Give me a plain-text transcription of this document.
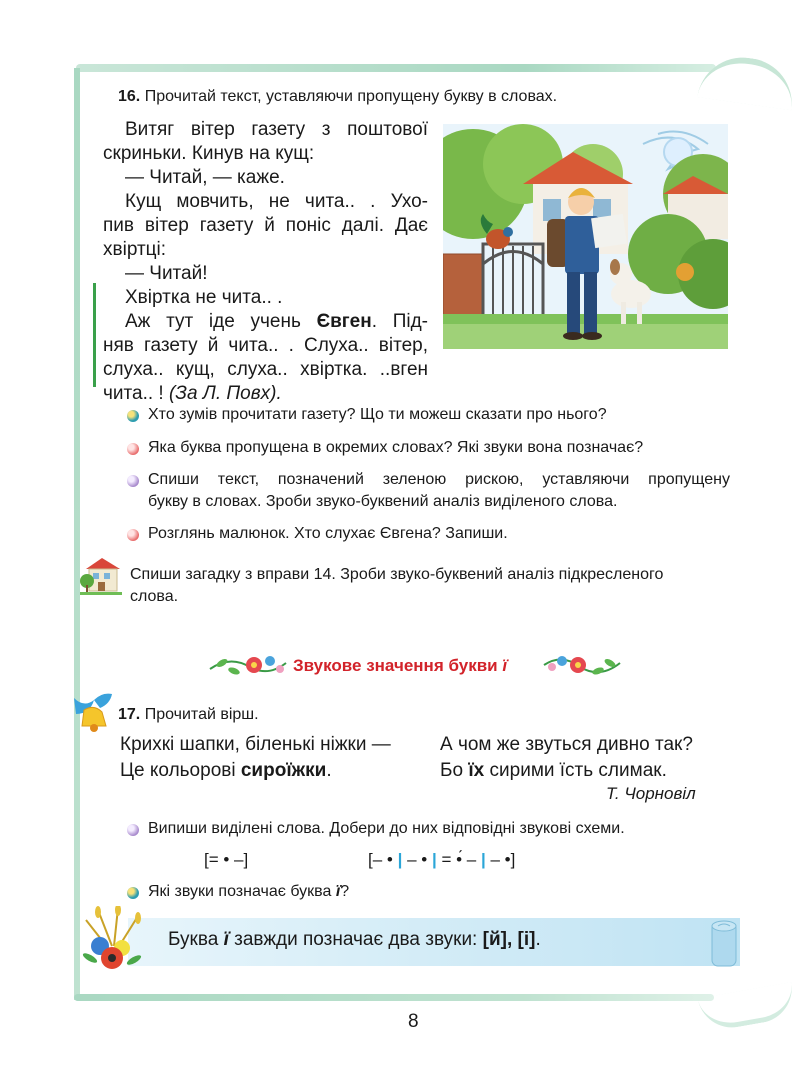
16. Прочитай текст, уставляючи пропущену букву в словах.

Витяг вітер газету з поштової

скриньки. Кинув на кущ:

— Читай, — каже.

Кущ мовчить, не чита.. . Ухо-

пив вітер газету й поніс далі. Дає

хвіртці:

— Читай!

Хвіртка не чита.. .

Аж тут іде учень Євген. Під-

няв газету й чита.. . Слуха.. вітер,

слуха.. кущ, слуха.. хвіртка. ..вген

чита.. ! (За Л. Повх).

Хто зумів прочитати газету? Що ти можеш сказати про нього?
Яка буква пропущена в окремих словах? Які звуки вона позначає?
Спиши текст, позначений зеленою рискою, уставляючи пропущену
букву в словах. Зроби звуко-буквений аналіз виділеного слова.
Розглянь малюнок. Хто слухає Євгена? Запиши.
Спиши загадку з вправи 14. Зроби звуко-буквений аналіз підкресленого
слова.
Звукове значення букви ї
17. Прочитай вірш.
Крихкі шапки, біленькі ніжки —
Це кольорові сироїжки.
А чом же звуться дивно так?
Бо їх сирими їсть слимак.
Т. Чорновіл
Випиши виділені слова. Добери до них відповідні звукові схеми.
[= • –]	[– • | – • | = •́ – | – •]
Які звуки позначає буква ї?
Буква ї завжди позначає два звуки: [й], [і].
8
